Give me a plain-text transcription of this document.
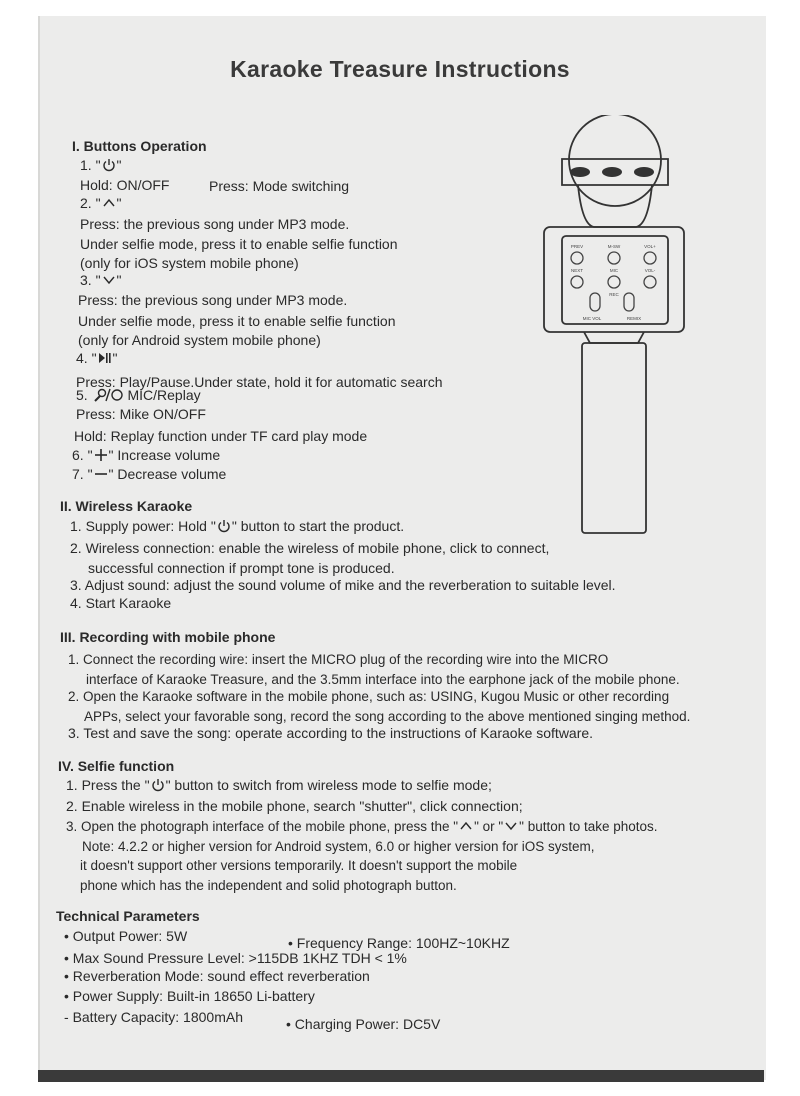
Karaoke Treasure Instructions
I. Buttons Operation
1. " "
Hold: ON/OFF	Press: Mode switching
2. " "
Press: the previous song under MP3 mode.
Under selfie mode, press it to enable selfie function
(only for iOS system mobile phone)
3. " "
Press: the previous song under MP3 mode.
Under selfie mode, press it to enable selfie function
(only for Android system mobile phone)
4. " "
Press: Play/Pause.Under state, hold it for automatic search
5.	MIC/Replay
Press: Mike ON/OFF
Hold: Replay function under TF card play mode
6. " " Increase volume
7. " " Decrease volume
II. Wireless Karaoke
1. Supply power: Hold " " button to start the product.
2. Wireless connection: enable the wireless of mobile phone, click to connect,
successful connection if prompt tone is produced.
3. Adjust sound: adjust the sound volume of mike and the reverberation to suitable level.
4. Start Karaoke
III. Recording with mobile phone
1. Connect the recording wire: insert the MICRO plug of the recording wire into the MICRO
interface of Karaoke Treasure, and the 3.5mm interface into the earphone jack of the mobile phone.
2. Open the Karaoke software in the mobile phone, such as: USING, Kugou Music or other recording
APPs, select your favorable song, record the song according to the above mentioned singing method.
3. Test and save the song: operate according to the instructions of Karaoke software.
IV. Selfie function
1. Press the " " button to switch from wireless mode to selfie mode;
2. Enable wireless in the mobile phone, search "shutter", click connection;
3. Open the photograph interface of the mobile phone, press the " " or " " button to take photos.
Note: 4.2.2 or higher version for Android system, 6.0 or higher version for iOS system,
it doesn't support other versions temporarily. It doesn't support the mobile
phone which has the independent and solid photograph button.
Technical Parameters
• Output Power: 5W	• Frequency Range: 100HZ~10KHZ
• Max Sound Pressure Level: >115DB 1KHZ TDH < 1%
• Reverberation Mode: sound effect reverberation
• Power Supply: Built-in 18650 Li-battery
- Battery Capacity: 1800mAh	• Charging Power: DC5V
PREV	M-SW	VOL+
NEXT	MIC	VOL-
REC
MIC VOL	REMIX
